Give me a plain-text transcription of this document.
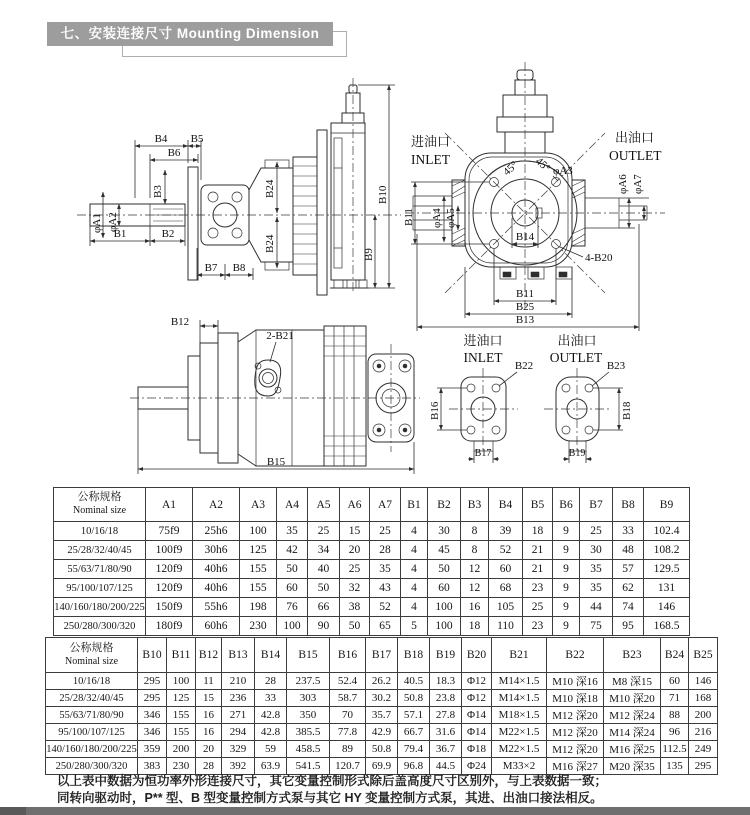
七、安装连接尺寸 Mounting Dimension
B4 B5
B6
φA1 φA2
B1	B2
B3	B24
B24
B7 B8
B9
B10
进油口
INLET
出油口
OUTLET
45° 45° φA3
φA6 φA7
B11 φA4 φA5
B14
4-B20
B11
B25
B13
B12
2-B21
B15
进油口
INLET
B22
B16
B17
出油口
OUTLET
B23
B18
B19
公称规格
Nominal size	A1	A2	A3	A4	A5	A6	A7	B1	B2	B3	B4	B5	B6	B7	B8	B9
10/16/18	75f9	25h6	100	35	25	15	25	4	30	8	39	18	9	25	33	102.4
25/28/32/40/45	100f9	30h6	125	42	34	20	28	4	45	8	52	21	9	30	48	108.2
55/63/71/80/90	120f9	40h6	155	50	40	25	35	4	50	12	60	21	9	35	57	129.5
95/100/107/125	120f9	40h6	155	60	50	32	43	4	60	12	68	23	9	35	62	131
140/160/180/200/225	150f9	55h6	198	76	66	38	52	4	100	16	105	25	9	44	74	146
250/280/300/320	180f9	60h6	230	100	90	50	65	5	100	18	110	23	9	75	95	168.5
公称规格
Nominal size	B10	B11	B12	B13	B14	B15	B16	B17	B18	B19	B20	B21	B22	B23	B24	B25
10/16/18	295	100	11	210	28	237.5	52.4	26.2	40.5	18.3	Φ12	M14×1.5	M10 深16	M8 深15	60	146
25/28/32/40/45	295	125	15	236	33	303	58.7	30.2	50.8	23.8	Φ12	M14×1.5	M10 深18	M10 深20	71	168
55/63/71/80/90	346	155	16	271	42.8	350	70	35.7	57.1	27.8	Φ14	M18×1.5	M12 深20	M12 深24	88	200
95/100/107/125	346	155	16	294	42.8	385.5	77.8	42.9	66.7	31.6	Φ14	M22×1.5	M12 深20	M14 深24	96	216
140/160/180/200/225	359	200	20	329	59	458.5	89	50.8	79.4	36.7	Φ18	M22×1.5	M12 深20	M16 深25	112.5	249
250/280/300/320	383	230	28	392	63.9	541.5	120.7	69.9	96.8	44.5	Φ24	M33×2	M16 深27	M20 深35	135	295
以上表中数据为恒功率外形连接尺寸，其它变量控制形式除后盖高度尺寸区别外，与上表数据一致；
同转向驱动时，P** 型、B 型变量控制方式泵与其它 HY 变量控制方式泵，其进、出油口接法相反。
